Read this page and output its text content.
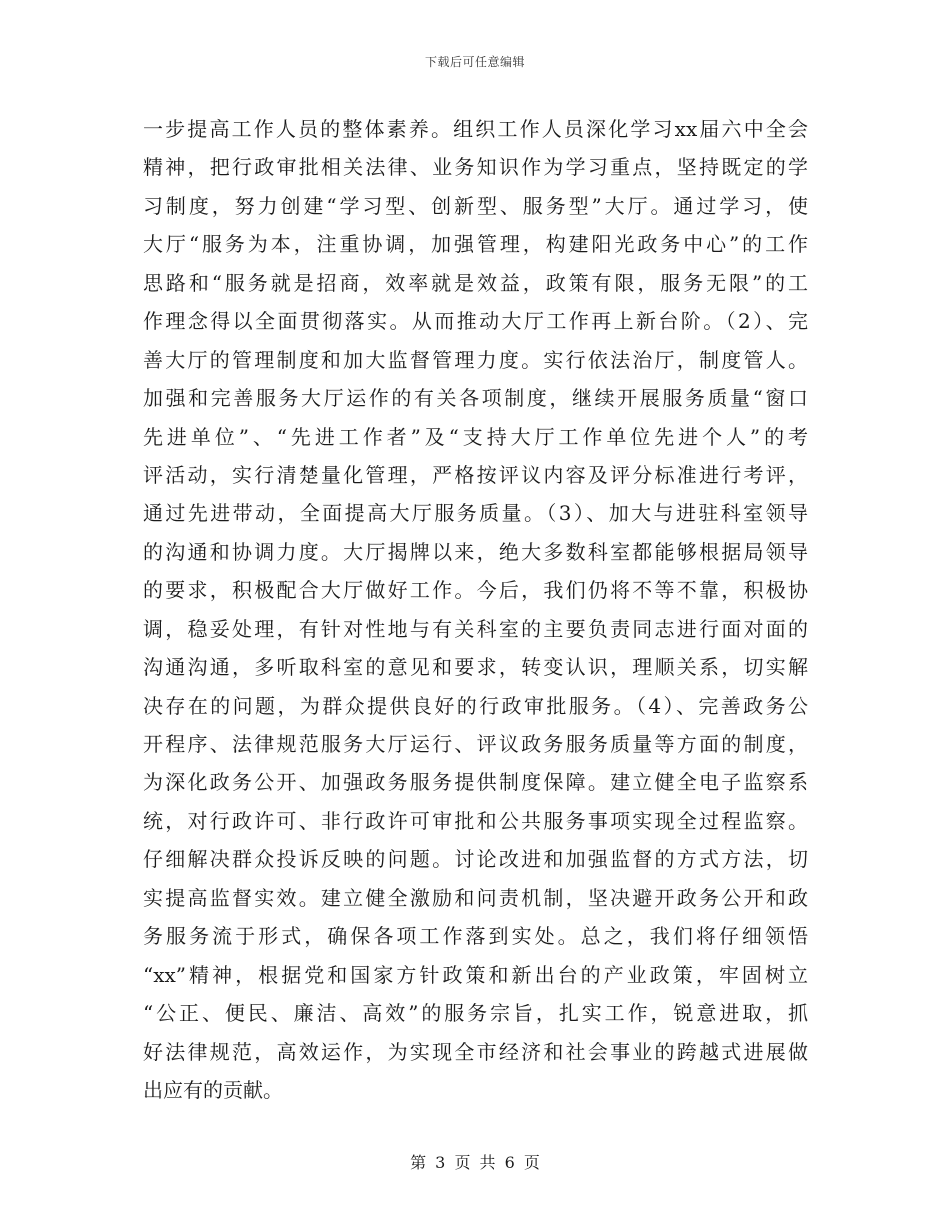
下载后可任意编辑
一步提高工作人员的整体素养。组织工作人员深化学习xx届六中全会
精神，把行政审批相关法律、业务知识作为学习重点，坚持既定的学
习制度，努力创建“学习型、创新型、服务型”大厅。通过学习，使
大厅“服务为本，注重协调，加强管理，构建阳光政务中心”的工作
思路和“服务就是招商，效率就是效益，政策有限，服务无限”的工
作理念得以全面贯彻落实。从而推动大厅工作再上新台阶。（2）、完
善大厅的管理制度和加大监督管理力度。实行依法治厅，制度管人。
加强和完善服务大厅运作的有关各项制度，继续开展服务质量“窗口
先进单位”、“先进工作者”及“支持大厅工作单位先进个人”的考
评活动，实行清楚量化管理，严格按评议内容及评分标准进行考评，
通过先进带动，全面提高大厅服务质量。（3）、加大与进驻科室领导
的沟通和协调力度。大厅揭牌以来，绝大多数科室都能够根据局领导
的要求，积极配合大厅做好工作。今后，我们仍将不等不靠，积极协
调，稳妥处理，有针对性地与有关科室的主要负责同志进行面对面的
沟通沟通，多听取科室的意见和要求，转变认识，理顺关系，切实解
决存在的问题，为群众提供良好的行政审批服务。（4）、完善政务公
开程序、法律规范服务大厅运行、评议政务服务质量等方面的制度，
为深化政务公开、加强政务服务提供制度保障。建立健全电子监察系
统，对行政许可、非行政许可审批和公共服务事项实现全过程监察。
仔细解决群众投诉反映的问题。讨论改进和加强监督的方式方法，切
实提高监督实效。建立健全激励和问责机制，坚决避开政务公开和政
务服务流于形式，确保各项工作落到实处。总之，我们将仔细领悟
“xx”精神，根据党和国家方针政策和新出台的产业政策，牢固树立
“公正、便民、廉洁、高效”的服务宗旨，扎实工作，锐意进取，抓
好法律规范，高效运作，为实现全市经济和社会事业的跨越式进展做
出应有的贡献。
第 3 页 共 6 页
